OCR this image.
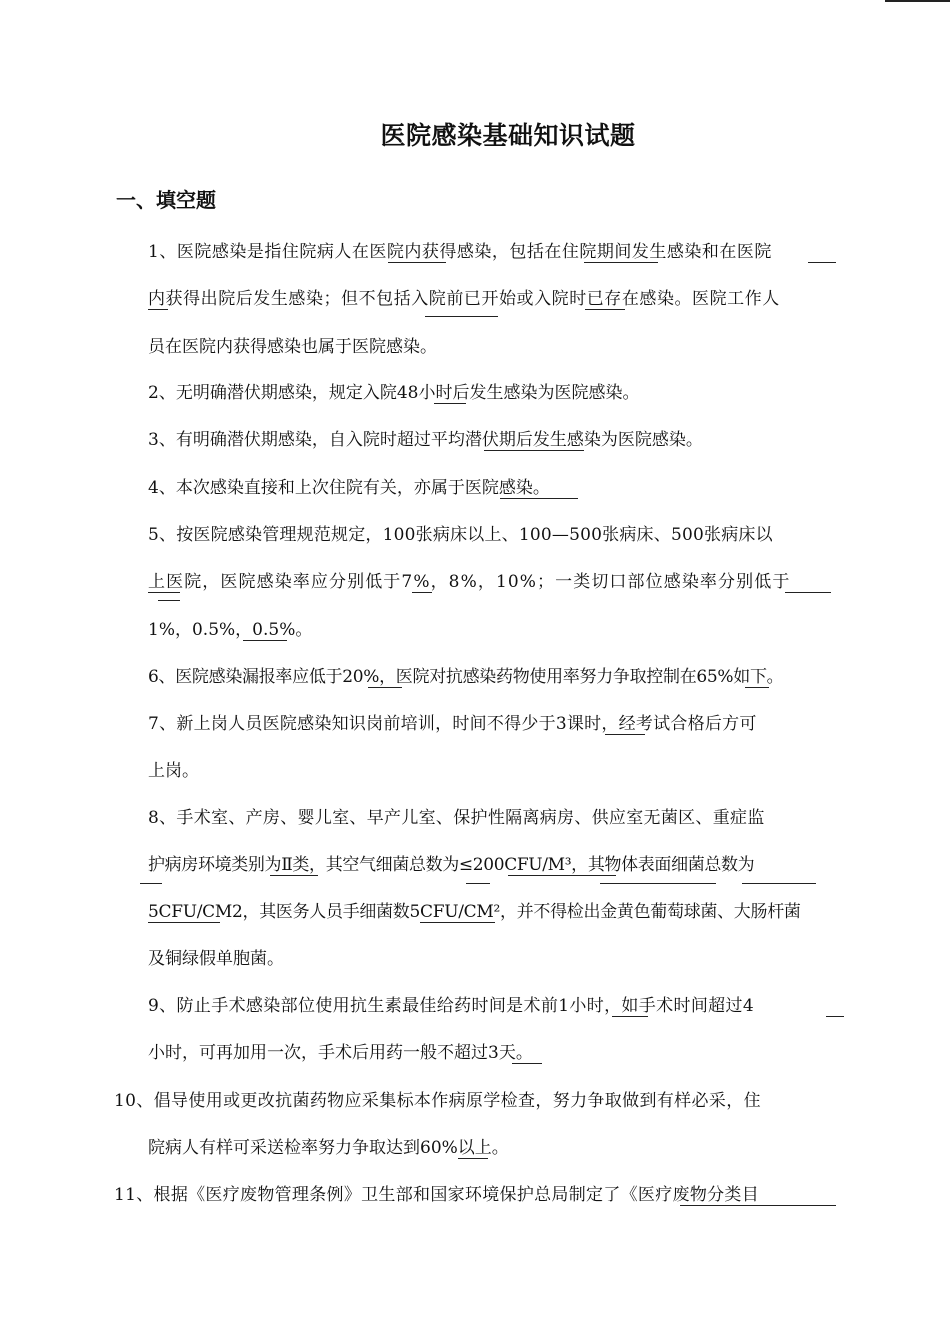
医院感染基础知识试题
一、填空题
1、医院感染是指住院病人在医院内获得感染，包括在住院期间发生感染和在医院
内获得出院后发生感染；但不包括入院前已开始或入院时已存在感染。医院工作人
员在医院内获得感染也属于医院感染。
2、无明确潜伏期感染，规定入院48小时后发生感染为医院感染。
3、有明确潜伏期感染，自入院时超过平均潜伏期后发生感染为医院感染。
4、本次感染直接和上次住院有关，亦属于医院感染。
5、按医院感染管理规范规定，100张病床以上、100—500张病床、500张病床以
上医院，医院感染率应分别低于7%，8%，10%；一类切口部位感染率分别低于
1%，0.5%，0.5%。
6、医院感染漏报率应低于20%，医院对抗感染药物使用率努力争取控制在65%如下。
7、新上岗人员医院感染知识岗前培训，时间不得少于3课时，经考试合格后方可
上岗。
8、手术室、产房、婴儿室、早产儿室、保护性隔离病房、供应室无菌区、重症监
护病房环境类别为Ⅱ类，其空气细菌总数为≤200CFU/M³，其物体表面细菌总数为
5CFU/CM2，其医务人员手细菌数5CFU/CM²，并不得检出金黄色葡萄球菌、大肠杆菌
及铜绿假单胞菌。
9、防止手术感染部位使用抗生素最佳给药时间是术前1小时，如手术时间超过4
小时，可再加用一次，手术后用药一般不超过3天。
10、倡导使用或更改抗菌药物应采集标本作病原学检查，努力争取做到有样必采，住
院病人有样可采送检率努力争取达到60%以上。
11、根据《医疗废物管理条例》卫生部和国家环境保护总局制定了《医疗废物分类目
